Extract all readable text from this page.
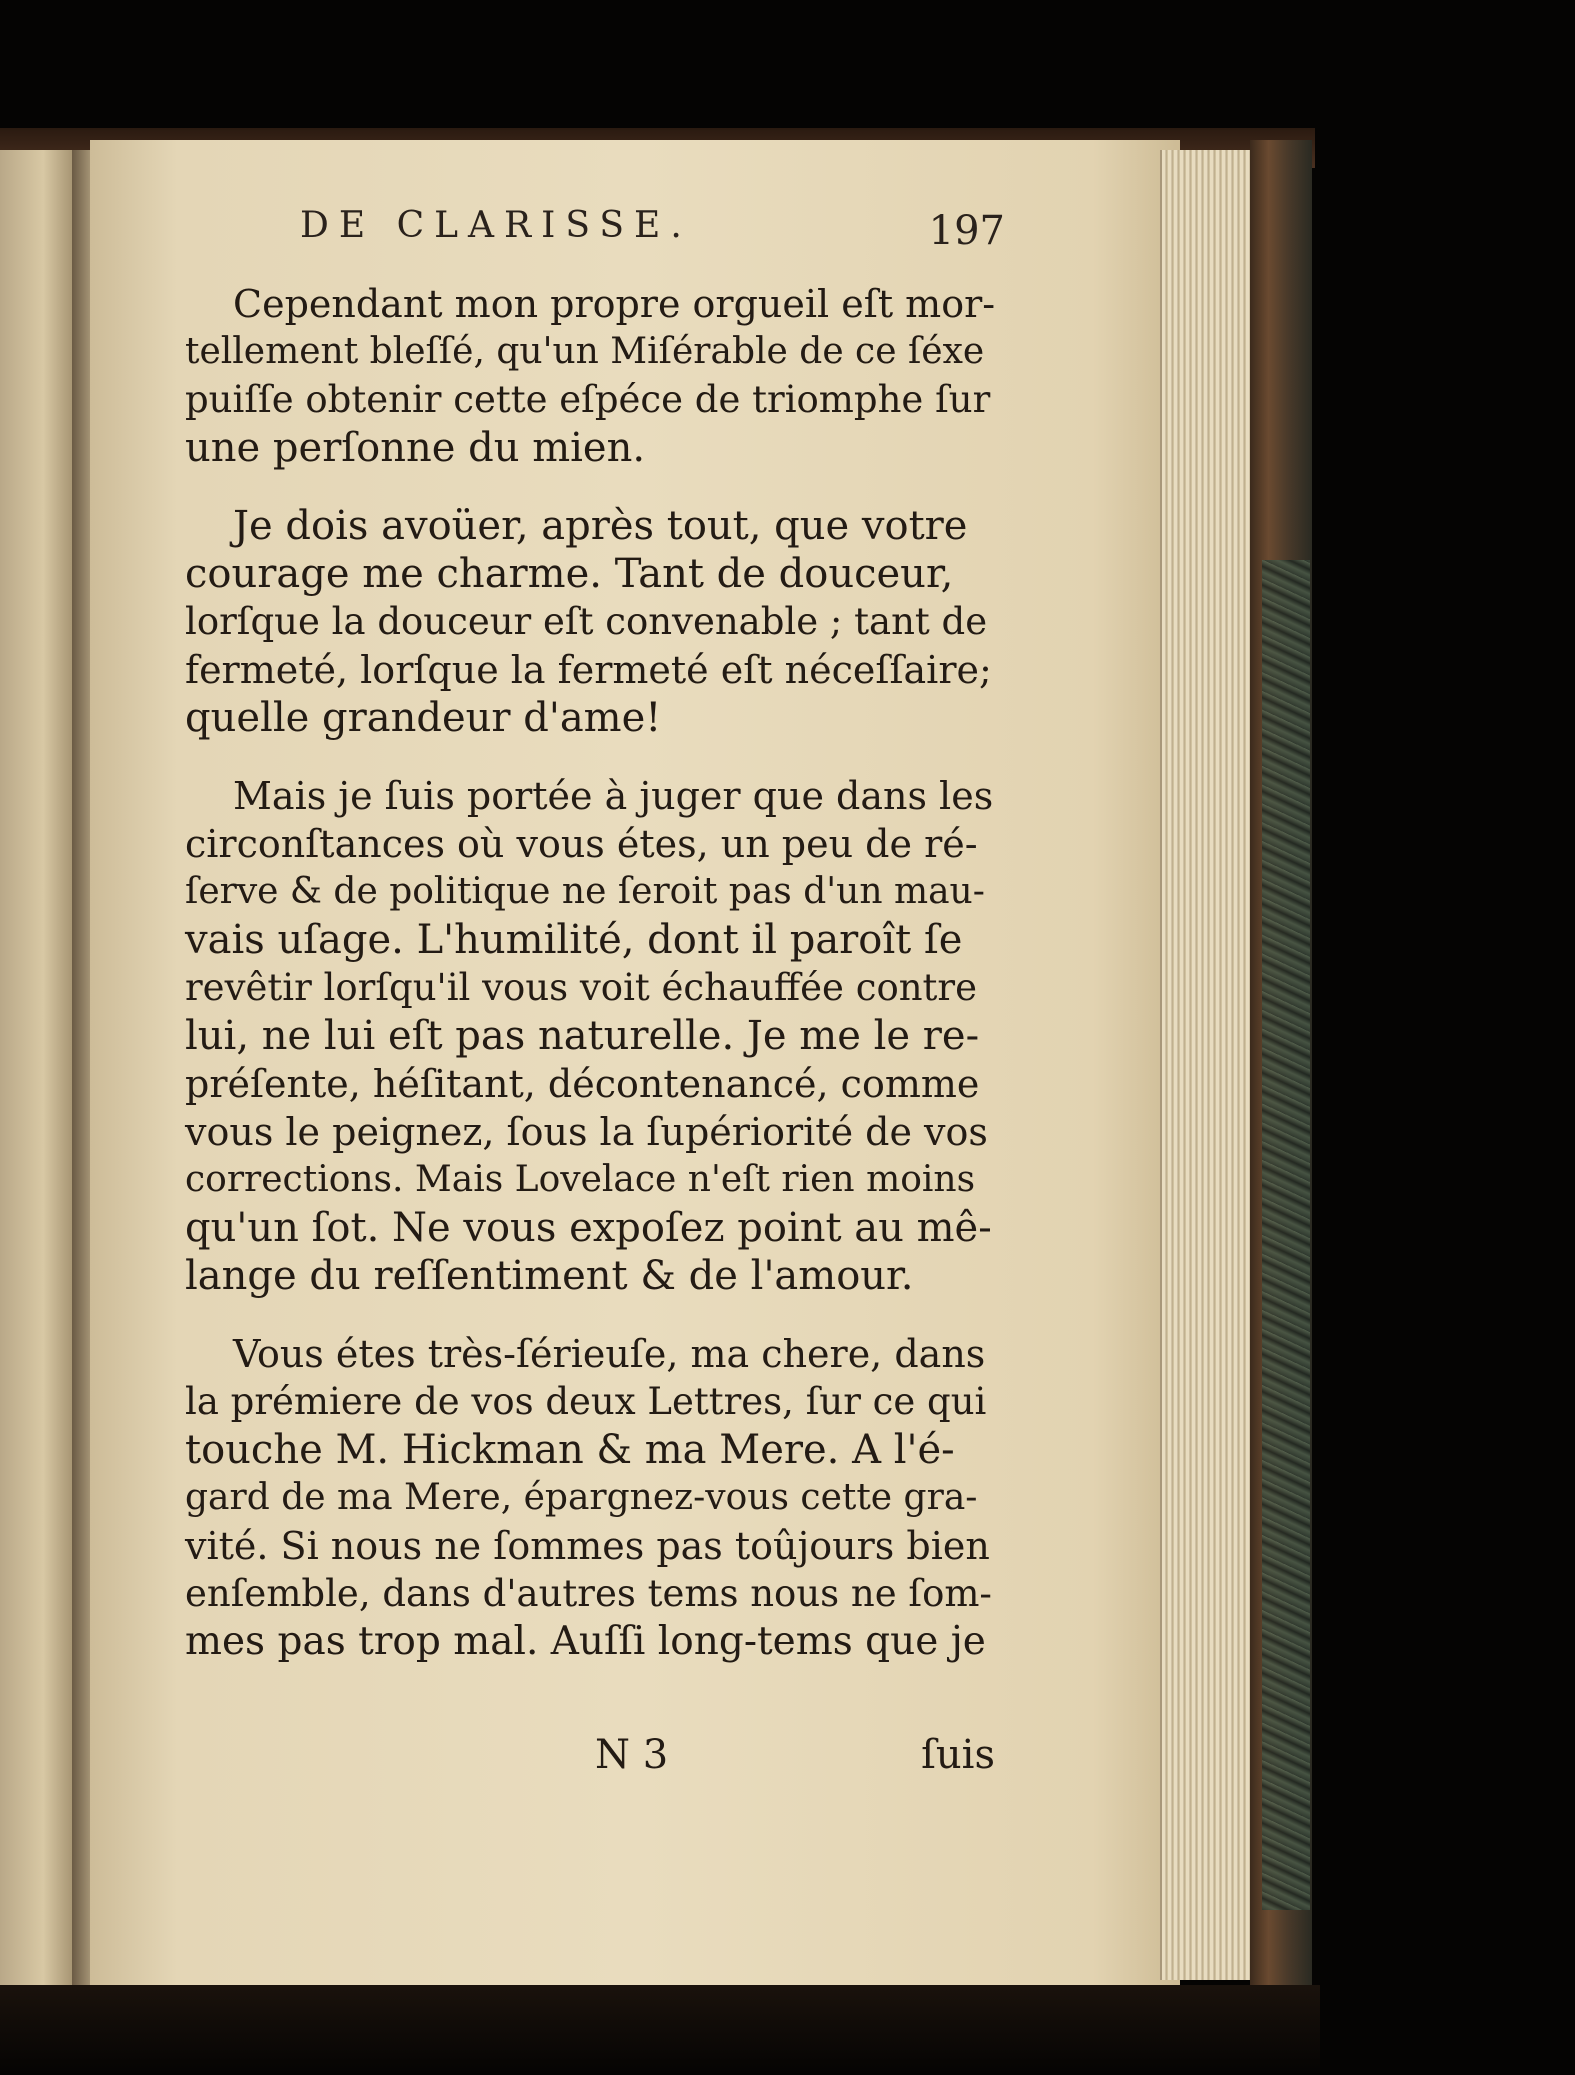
DE CLARISSE.	197

Cependant mon propre orgueil eſt mor-
tellement bleſſé, qu'un Miſérable de ce ſéxe
puiſſe obtenir cette eſpéce de triomphe ſur
une perſonne du mien.

Je dois avoüer, après tout, que votre
courage me charme. Tant de douceur,
lorſque la douceur eſt convenable ; tant de
fermeté, lorſque la fermeté eſt néceſſaire;
quelle grandeur d'ame!

Mais je ſuis portée à juger que dans les
circonſtances où vous étes, un peu de ré-
ſerve & de politique ne ſeroit pas d'un mau-
vais uſage. L'humilité, dont il paroît ſe
revêtir lorſqu'il vous voit échauffée contre
lui, ne lui eſt pas naturelle. Je me le re-
préſente, héſitant, décontenancé, comme
vous le peignez, ſous la ſupériorité de vos
corrections. Mais Lovelace n'eſt rien moins
qu'un ſot. Ne vous expoſez point au mê-
lange du reſſentiment & de l'amour.

Vous étes très-ſérieuſe, ma chere, dans
la prémiere de vos deux Lettres, ſur ce qui
touche M. Hickman & ma Mere. A l'é-
gard de ma Mere, épargnez-vous cette gra-
vité. Si nous ne ſommes pas toûjours bien
enſemble, dans d'autres tems nous ne ſom-
mes pas trop mal. Auſſi long-tems que je

N 3	ſuis
